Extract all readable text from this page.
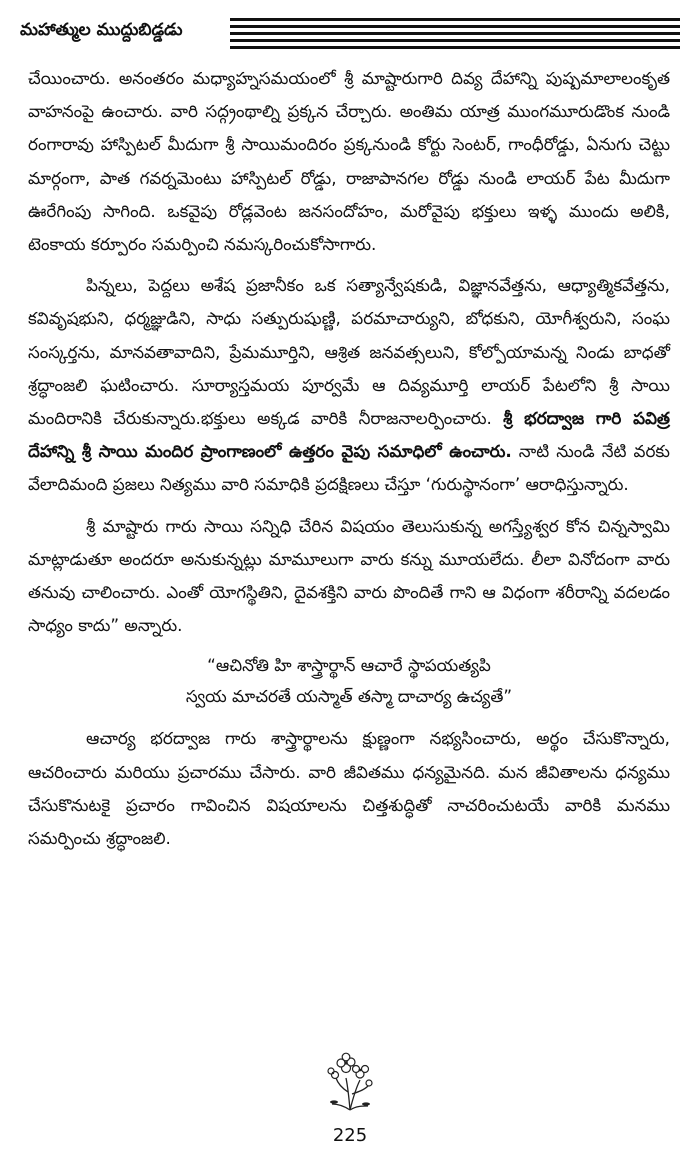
మహాత్ముల ముద్దుబిడ్డడు

చేయించారు. అనంతరం మధ్యాహ్నసమయంలో శ్రీ మాష్టారుగారి దివ్య దేహాన్ని పుష్పమాలాలంకృత వాహనంపై ఉంచారు. వారి సద్గ్రంథాల్ని ప్రక్కన చేర్చారు. అంతిమ యాత్ర ముంగమూరుడొంక నుండి రంగారావు హాస్పిటల్ మీదుగా శ్రీ సాయిమందిరం ప్రక్కనుండి కోర్టు సెంటర్, గాంధీరోడ్డు, ఏనుగు చెట్టు మార్గంగా, పాత గవర్నమెంటు హాస్పిటల్ రోడ్డు, రాజాపానగల రోడ్డు నుండి లాయర్ పేట మీదుగా ఊరేగింపు సాగింది. ఒకవైపు రోడ్లవెంట జనసందోహం, మరోవైపు భక్తులు ఇళ్ళ ముందు అలికి, టెంకాయ కర్పూరం సమర్పించి నమస్కరించుకోసాగారు.

పిన్నలు, పెద్దలు అశేష ప్రజానీకం ఒక సత్యాన్వేషకుడి, విజ్ఞానవేత్తను, ఆధ్యాత్మికవేత్తను, కవివృషభుని, ధర్మజ్ఞుడిని, సాధు సత్పురుషుణ్ణి, పరమాచార్యుని, బోధకుని, యోగీశ్వరుని, సంఘ సంస్కర్తను, మానవతావాదిని, ప్రేమమూర్తిని, ఆశ్రిత జనవత్సలుని, కోల్పోయామన్న నిండు బాధతో శ్రద్ధాంజలి ఘటించారు. సూర్యాస్తమయ పూర్వమే ఆ దివ్యమూర్తి లాయర్ పేటలోని శ్రీ సాయి మందిరానికి చేరుకున్నారు.భక్తులు అక్కడ వారికి నీరాజనాలర్పించారు. శ్రీ భరద్వాజ గారి పవిత్ర దేహాన్ని శ్రీ సాయి మందిర ప్రాంగాణంలో ఉత్తరం వైపు సమాధిలో ఉంచారు. నాటి నుండి నేటి వరకు వేలాదిమంది ప్రజలు నిత్యము వారి సమాధికి ప్రదక్షిణలు చేస్తూ ‘గురుస్థానంగా’ ఆరాధిస్తున్నారు.

శ్రీ మాష్టారు గారు సాయి సన్నిధి చేరిన విషయం తెలుసుకున్న అగస్త్యేశ్వర కోన చిన్నస్వామి మాట్లాడుతూ అందరూ అనుకున్నట్లు మామూలుగా వారు కన్ను మూయలేదు. లీలా వినోదంగా వారు తనువు చాలించారు. ఎంతో యోగస్థితిని, దైవశక్తిని వారు పొందితే గాని ఆ విధంగా శరీరాన్ని వదలడం సాధ్యం కాదు” అన్నారు.

“ఆచినోతి హి శాస్త్రార్థాన్ ఆచారే స్థాపయత్యపి
స్వయ మాచరతే యస్మాత్ తస్మా దాచార్య ఉచ్యతే”

ఆచార్య భరద్వాజ గారు శాస్త్రార్థాలను క్షుణ్ణంగా నభ్యసించారు, అర్థం చేసుకొన్నారు, ఆచరించారు మరియు ప్రచారము చేసారు. వారి జీవితము ధన్యమైనది. మన జీవితాలను ధన్యము చేసుకొనుటకై ప్రచారం గావించిన విషయాలను చిత్తశుద్ధితో నాచరించుటయే వారికి మనము సమర్పించు శ్రద్ధాంజలి.

225
